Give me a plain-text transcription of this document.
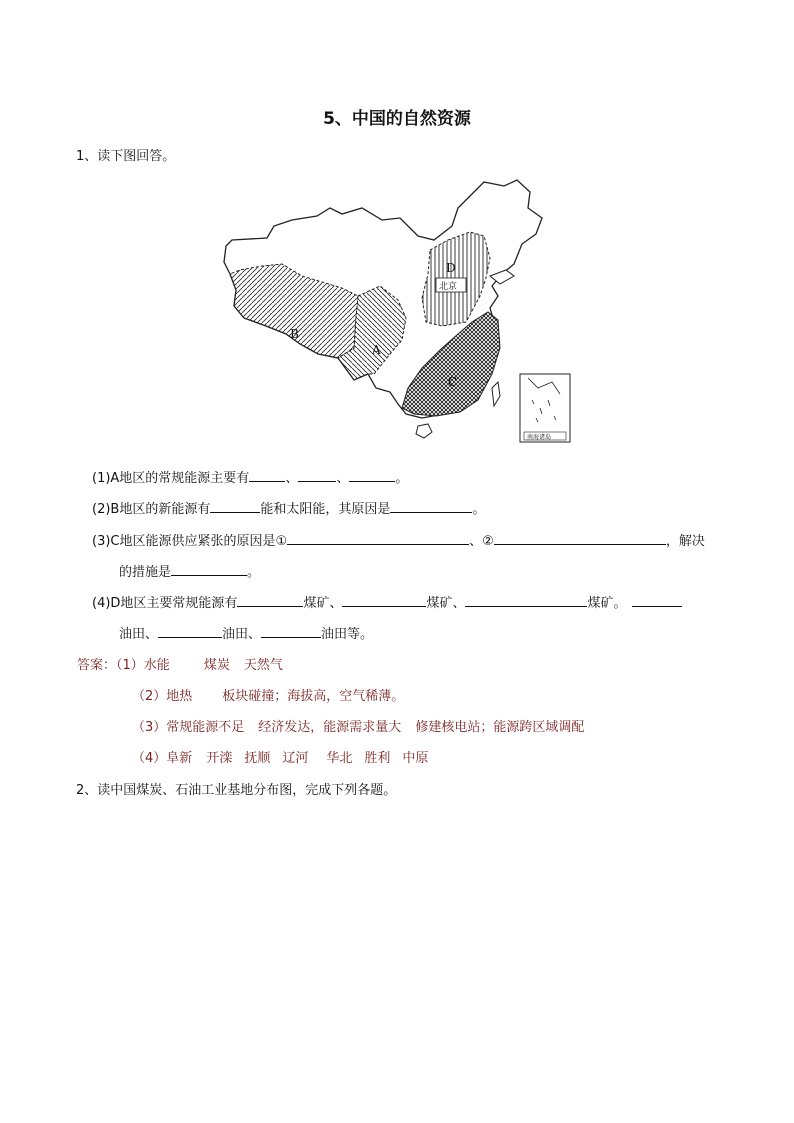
5、中国的自然资源
1、读下图回答。
B
A
C
D
北京
南海诸岛
(1)A地区的常规能源主要有	、	、	。
(2)B地区的新能源有	能和太阳能，其原因是	。
(3)C地区能源供应紧张的原因是①	、②	，解决
的措施是	。
(4)D地区主要常规能源有	煤矿、	煤矿、	煤矿。
油田、	油田、	油田等。
答案：（1）水能	煤炭 天然气
（2）地热 板块碰撞；海拔高，空气稀薄。
（3）常规能源不足 经济发达，能源需求量大 修建核电站；能源跨区域调配
（4）阜新 开滦 抚顺 辽河 华北 胜利 中原
2、读中国煤炭、石油工业基地分布图，完成下列各题。
